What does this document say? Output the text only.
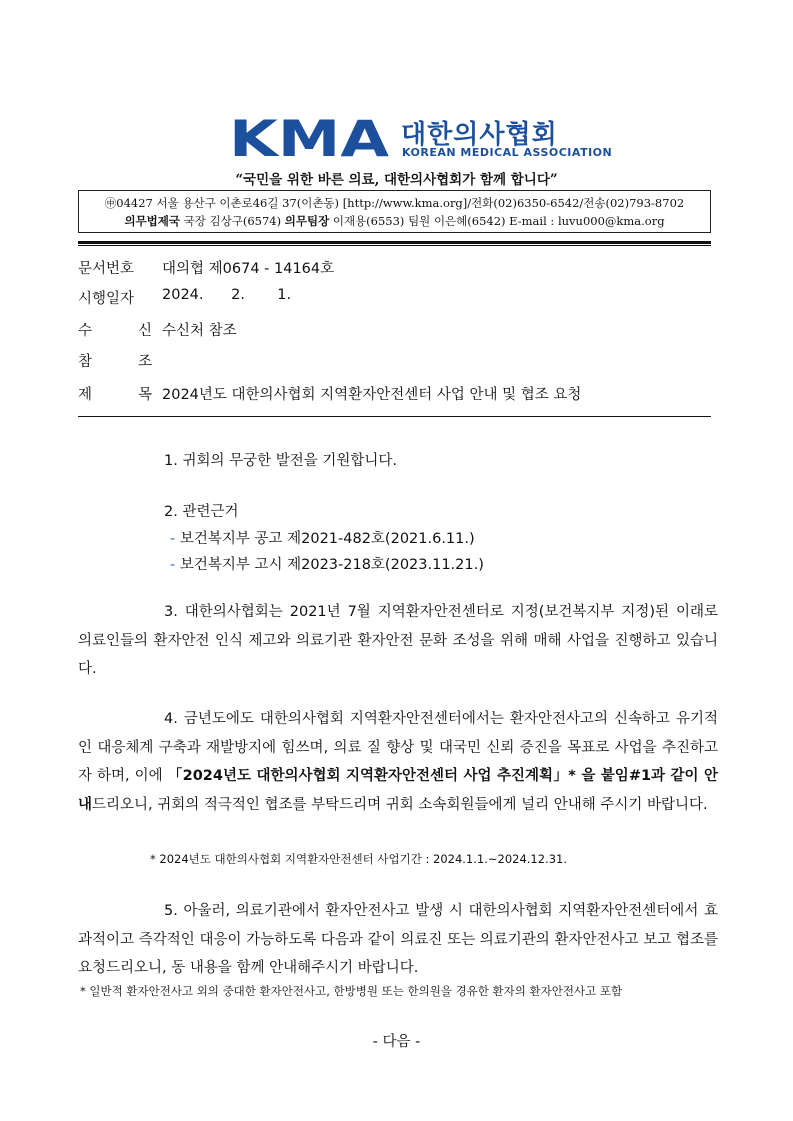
KMA 대한의사협회
KOREAN MEDICAL ASSOCIATION
“국민을 위한 바른 의료, 대한의사협회가 함께 합니다”
㊥04427 서울 용산구 이촌로46길 37(이촌동) [http://www.kma.org]/전화(02)6350-6542/전송(02)793-8702
의무법제국 국장 김상구(6574) 의무팀장 이재용(6553) 팀원 이은혜(6542) E-mail : luvu000@kma.org
문서번호	대의협 제0674 - 14164호
시행일자	2024.      2.       1.
수	신 수신처 참조
참	조
제	목 2024년도 대한의사협회 지역환자안전센터 사업 안내 및 협조 요청
1. 귀회의 무궁한 발전을 기원합니다.
2. 관련근거
- 보건복지부 공고 제2021-482호(2021.6.11.)
- 보건복지부 고시 제2023-218호(2023.11.21.)
3. 대한의사협회는 2021년 7월 지역환자안전센터로 지정(보건복지부 지정)된 이래로 의료인들의 환자안전 인식 제고와 의료기관 환자안전 문화 조성을 위해 매해 사업을 진행하고 있습니다.
4. 금년도에도 대한의사협회 지역환자안전센터에서는 환자안전사고의 신속하고 유기적인 대응체계 구축과 재발방지에 힘쓰며, 의료 질 향상 및 대국민 신뢰 증진을 목표로 사업을 추진하고자 하며, 이에 「2024년도 대한의사협회 지역환자안전센터 사업 추진계획」* 을 붙임#1과 같이 안내드리오니, 귀회의 적극적인 협조를 부탁드리며 귀회 소속회원들에게 널리 안내해 주시기 바랍니다.
* 2024년도 대한의사협회 지역환자안전센터 사업기간 : 2024.1.1.~2024.12.31.
5. 아울러, 의료기관에서 환자안전사고 발생 시 대한의사협회 지역환자안전센터에서 효과적이고 즉각적인 대응이 가능하도록 다음과 같이 의료진 또는 의료기관의 환자안전사고 보고 협조를 요청드리오니, 동 내용을 함께 안내해주시기 바랍니다.
* 일반적 환자안전사고 외의 중대한 환자안전사고, 한방병원 또는 한의원을 경유한 환자의 환자안전사고 포함
- 다음 -
